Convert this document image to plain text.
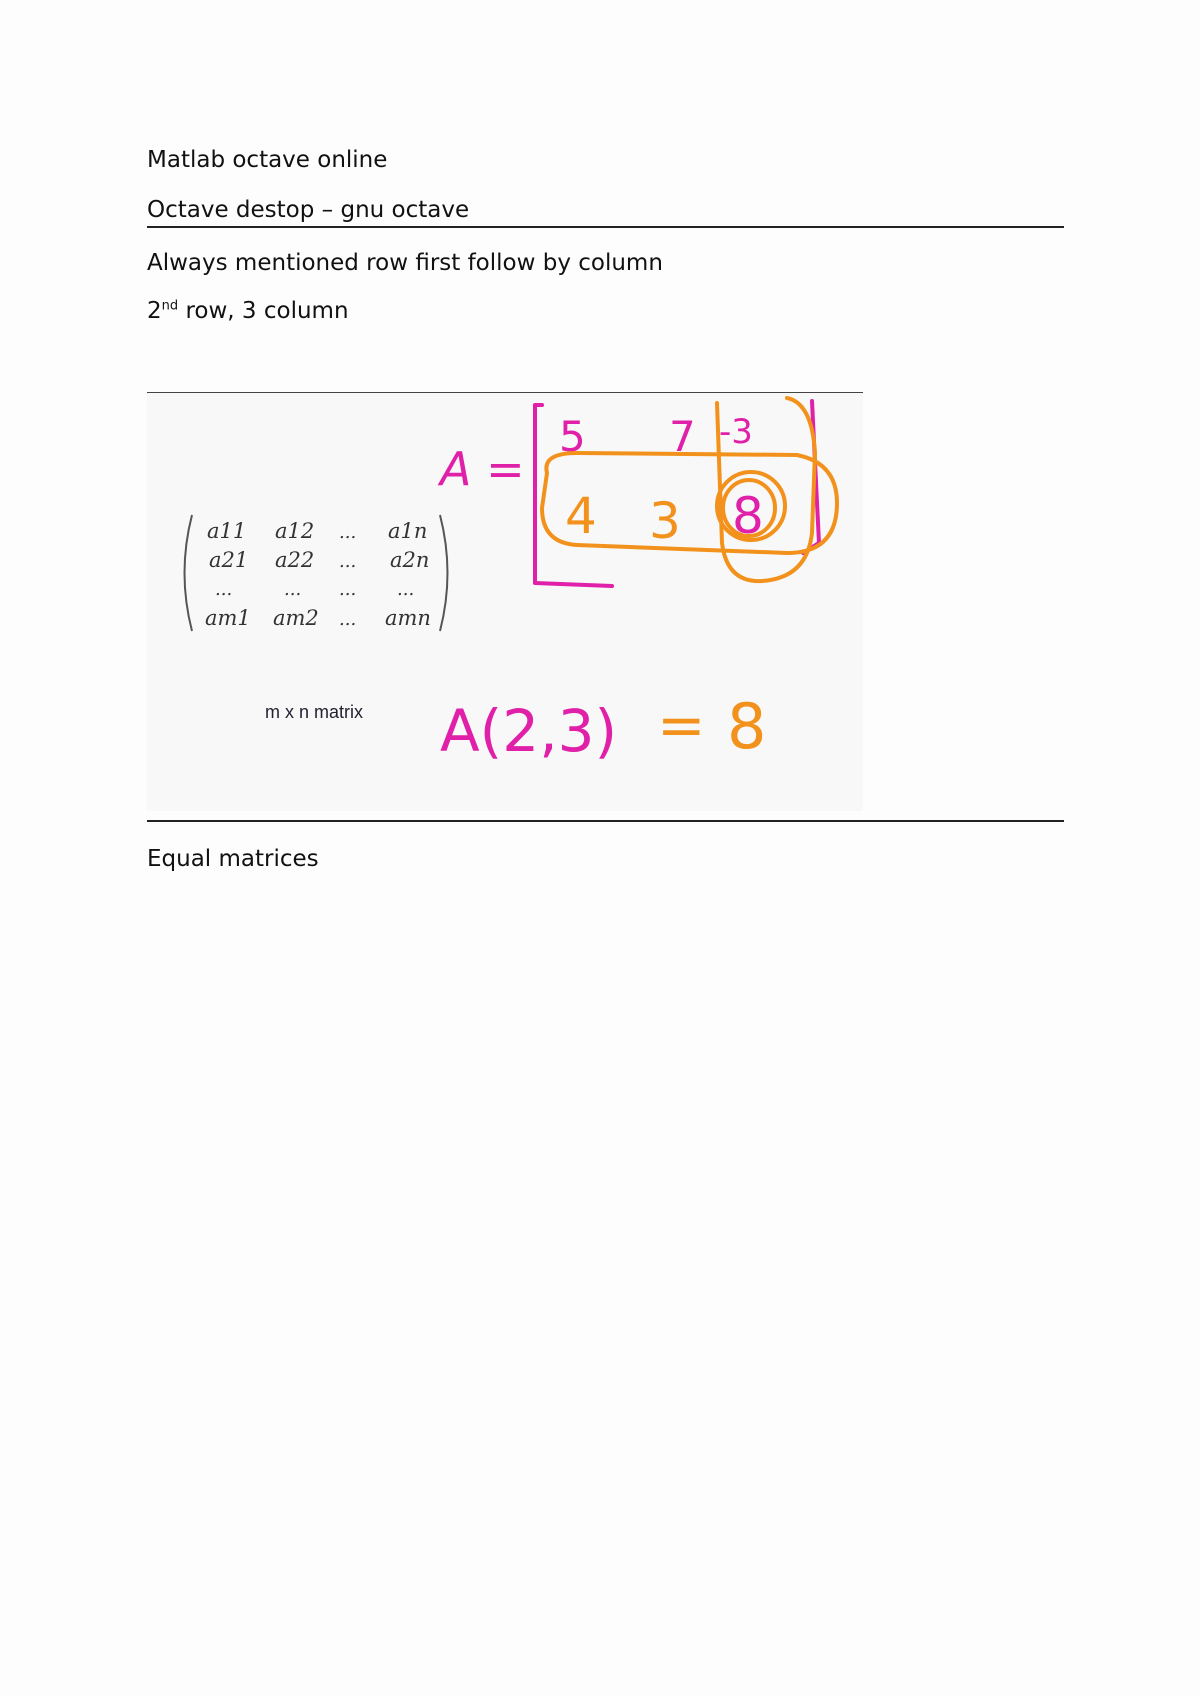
Matlab octave online
Octave destop – gnu octave
Always mentioned row first follow by column
2nd row, 3 column
a11 a12 ... a1n
a21 a22 ... a2n
...	... ... ...
am1 am2 ... amn
m x n matrix
A =
5 7 -3
4 3 8
A(2,3) = 8
Equal matrices
